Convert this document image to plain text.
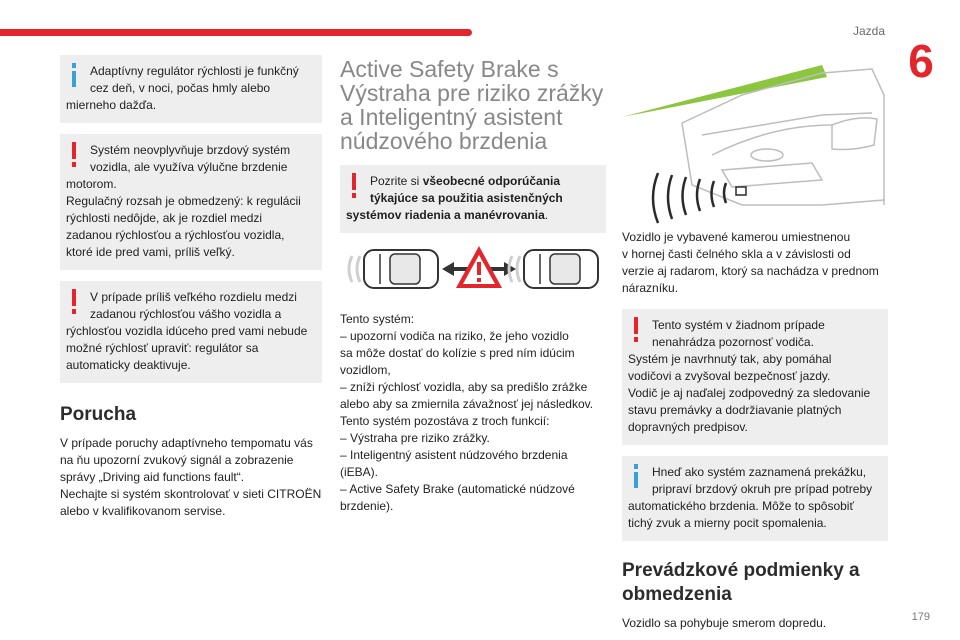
Jazda
6

Adaptívny regulátor rýchlosti je funkčný
cez deň, v noci, počas hmly alebo
mierneho dažďa.

Systém neovplyvňuje brzdový systém
vozidla, ale využíva výlučne brzdenie
motorom.
Regulačný rozsah je obmedzený: k regulácii
rýchlosti nedôjde, ak je rozdiel medzi
zadanou rýchlosťou a rýchlosťou vozidla,
ktoré ide pred vami, príliš veľký.

V prípade príliš veľkého rozdielu medzi
zadanou rýchlosťou vášho vozidla a
rýchlosťou vozidla idúceho pred vami nebude
možné rýchlosť upraviť: regulátor sa
automaticky deaktivuje.

Porucha

V prípade poruchy adaptívneho tempomatu vás
na ňu upozorní zvukový signál a zobrazenie
správy „Driving aid functions fault“.
Nechajte si systém skontrolovať v sieti CITROËN
alebo v kvalifikovanom servise.

Active Safety Brake s
Výstraha pre riziko zrážky
a Inteligentný asistent
núdzového brzdenia

Pozrite si všeobecné odporúčania
týkajúce sa použitia asistenčných
systémov riadenia a manévrovania.

Tento systém:
– upozorní vodiča na riziko, že jeho vozidlo
sa môže dostať do kolízie s pred ním idúcim
vozidlom,
– zníži rýchlosť vozidla, aby sa predišlo zrážke
alebo aby sa zmiernila závažnosť jej následkov.
Tento systém pozostáva z troch funkcií:
– Výstraha pre riziko zrážky.
– Inteligentný asistent núdzového brzdenia
(iEBA).
– Active Safety Brake (automatické núdzové
brzdenie).

Vozidlo je vybavené kamerou umiestnenou
v hornej časti čelného skla a v závislosti od
verzie aj radarom, ktorý sa nachádza v prednom
nárazníku.

Tento systém v žiadnom prípade
nenahrádza pozornosť vodiča.
Systém je navrhnutý tak, aby pomáhal
vodičovi a zvyšoval bezpečnosť jazdy.
Vodič je aj naďalej zodpovedný za sledovanie
stavu premávky a dodržiavanie platných
dopravných predpisov.

Hneď ako systém zaznamená prekážku,
pripraví brzdový okruh pre prípad potreby
automatického brzdenia. Môže to spôsobiť
tichý zvuk a mierny pocit spomalenia.

Prevádzkové podmienky a
obmedzenia

Vozidlo sa pohybuje smerom dopredu.	179
